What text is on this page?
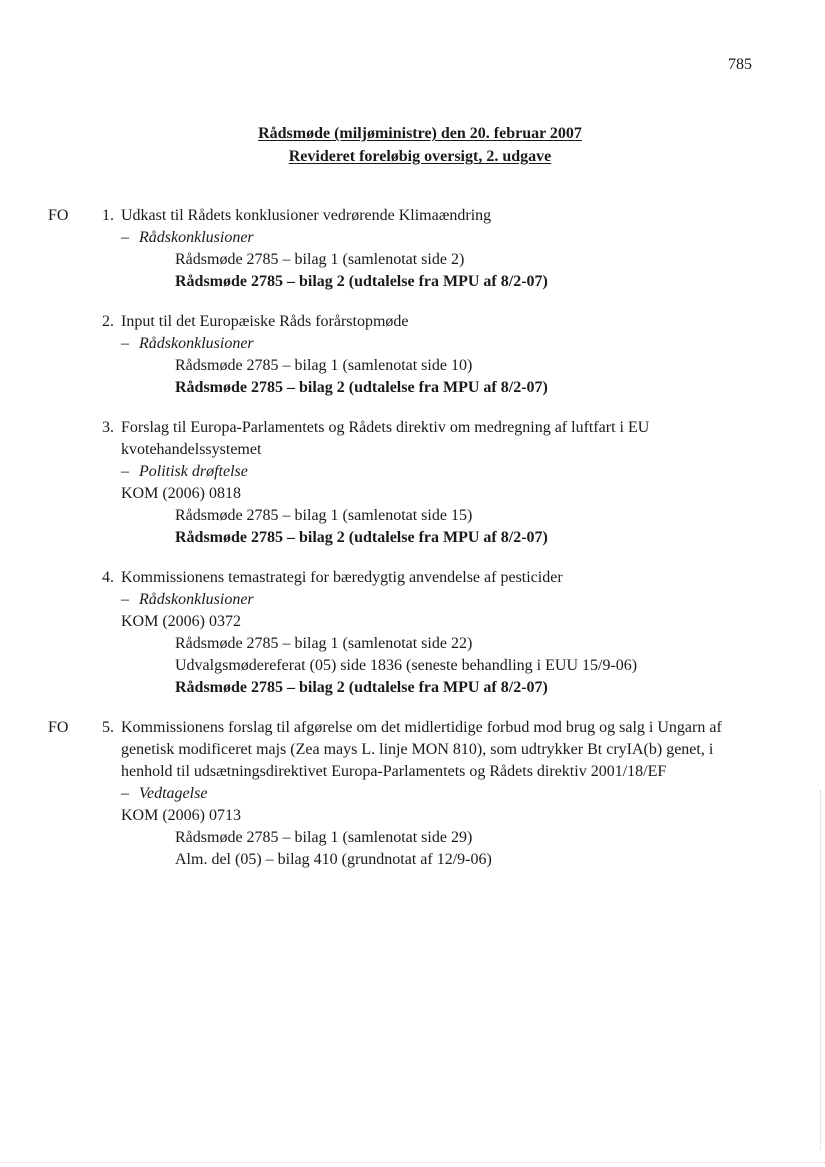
785
Rådsmøde (miljøministre) den 20. februar 2007
Revideret foreløbig oversigt, 2. udgave
FO	1. Udkast til Rådets konklusioner vedrørende Klimaændring
– Rådskonklusioner
Rådsmøde 2785 – bilag 1 (samlenotat side 2)
Rådsmøde 2785 – bilag 2 (udtalelse fra MPU af 8/2-07)
2. Input til det Europæiske Råds forårstopmøde
– Rådskonklusioner
Rådsmøde 2785 – bilag 1 (samlenotat side 10)
Rådsmøde 2785 – bilag 2 (udtalelse fra MPU af 8/2-07)
3. Forslag til Europa-Parlamentets og Rådets direktiv om medregning af luftfart i EU kvotehandelssystemet
– Politisk drøftelse
KOM (2006) 0818
Rådsmøde 2785 – bilag 1 (samlenotat side 15)
Rådsmøde 2785 – bilag 2 (udtalelse fra MPU af 8/2-07)
4. Kommissionens temastrategi for bæredygtig anvendelse af pesticider
– Rådskonklusioner
KOM (2006) 0372
Rådsmøde 2785 – bilag 1 (samlenotat side 22)
Udvalgsmødereferat (05) side 1836 (seneste behandling i EUU 15/9-06)
Rådsmøde 2785 – bilag 2 (udtalelse fra MPU af 8/2-07)
FO	5. Kommissionens forslag til afgørelse om det midlertidige forbud mod brug og salg i Ungarn af genetisk modificeret majs (Zea mays L. linje MON 810), som udtrykker Bt cryIA(b) genet, i henhold til udsætningsdirektivet Europa-Parlamentets og Rådets direktiv 2001/18/EF
– Vedtagelse
KOM (2006) 0713
Rådsmøde 2785 – bilag 1 (samlenotat side 29)
Alm. del (05) – bilag 410 (grundnotat af 12/9-06)
